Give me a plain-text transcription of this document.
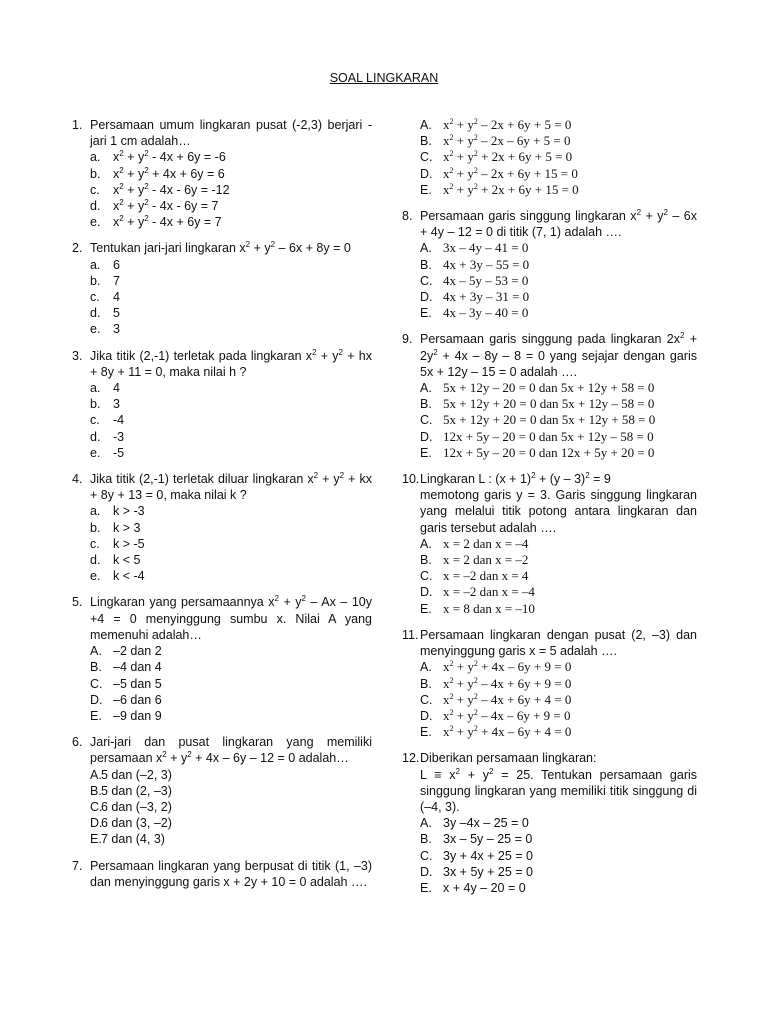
SOAL LINGKARAN
1. Persamaan umum lingkaran pusat (-2,3) berjari -jari 1 cm adalah…
a.	$x^2 + y^2 - 4x + 6y = -6$
b.	$x^2 + y^2 + 4x + 6y = 6$
c.	$x^2 + y^2 - 4x - 6y = -12$
d.	$x^2 + y^2 - 4x - 6y = 7$
e.	$x^2 + y^2 - 4x + 6y = 7$
2. Tentukan jari-jari lingkaran $x^2 + y^2 - 6x + 8y = 0$
a.	6
b.	7
c.	4
d.	5
e.	3
3. Jika titik (2,-1) terletak pada lingkaran $x^2 + y^2$ + hx + 8y + 11 = 0, maka nilai h ?
a.	4
b.	3
c.	-4
d.	-3
e.	-5
4. Jika titik (2,-1) terletak diluar lingkaran $x^2 + y^2$ + kx + 8y + 13 = 0, maka nilai k ?
a.	k > -3
b.	k > 3
c.	k > -5
d.	k < 5
e.	k < -4
5. Lingkaran yang persamaannya $x^2 + y^2 - Ax - 10y +4 = 0$ menyinggung sumbu x. Nilai A yang memenuhi adalah…
A. –2 dan 2
B. –4 dan 4
C. –5 dan 5
D. –6 dan 6
E. –9 dan 9
6. Jari-jari dan pusat lingkaran yang memiliki persamaan $x^2 + y^2 + 4x - 6y - 12 = 0$ adalah…
A. 5 dan (–2, 3)
B. 5 dan (2, –3)
C.
6 dan (–3, 2)
D.
6 dan (3, –2)
E. 7 dan (4, 3)
7. Persamaan lingkaran yang berpusat di titik (1, –3) dan menyinggung garis x + 2y + 10 = 0 adalah ….
A. $x^2 + y^2 - 2x + 6y + 5 = 0$
B. $x^2 + y^2 - 2x - 6y + 5 = 0$
C. $x^2 + y^2 + 2x + 6y + 5 = 0$
D. $x^2 + y^2 - 2x + 6y + 15 = 0$
E. $x^2 + y^2 + 2x + 6y + 15 = 0$
8. Persamaan garis singgung lingkaran $x^2 + y^2 - 6x + 4y - 12 = 0$ di titik (7, 1) adalah ….
A. 3x – 4y – 41 = 0
B. 4x + 3y – 55 = 0
C. 4x – 5y – 53 = 0
D. 4x + 3y – 31 = 0
E. 4x – 3y – 40 = 0
9. Persamaan garis singgung pada lingkaran $2x^2 + 2y^2 + 4x - 8y - 8 = 0$ yang sejajar dengan garis 5x + 12y – 15 = 0 adalah ….
A. 5x + 12y – 20 = 0 dan 5x + 12y + 58 = 0
B. 5x + 12y + 20 = 0 dan 5x + 12y – 58 = 0
C. 5x + 12y + 20 = 0 dan 5x + 12y + 58 = 0
D. 12x + 5y – 20 = 0 dan 5x + 12y – 58 = 0
E. 12x + 5y – 20 = 0 dan 12x + 5y + 20 = 0
10. Lingkaran L : $(x + 1)^2 + (y - 3)^2 = 9$
memotong garis y = 3. Garis singgung lingkaran yang melalui titik potong antara lingkaran dan garis tersebut adalah ….
A. x = 2 dan x = –4
B. x = 2 dan x = –2
C. x = –2 dan x = 4
D. x = –2 dan x = –4
E. x = 8 dan x = –10
11. Persamaan lingkaran dengan pusat (2, –3) dan menyinggung garis x = 5 adalah ….
A. $x^2 + y^2 + 4x - 6y + 9 = 0$
B. $x^2 + y^2 - 4x + 6y + 9 = 0$
C. $x^2 + y^2 - 4x + 6y + 4 = 0$
D. $x^2 + y^2 - 4x - 6y + 9 = 0$
E. $x^2 + y^2 + 4x - 6y + 4 = 0$
12. Diberikan persamaan lingkaran:
$L \equiv x^2 + y^2 = 25$. Tentukan persamaan garis singgung lingkaran yang memiliki titik singgung di (–4, 3).
A. 3y –4x – 25 = 0
B. 3x – 5y – 25 = 0
C. 3y + 4x + 25 = 0
D. 3x + 5y + 25 = 0
E. x + 4y – 20 = 0
